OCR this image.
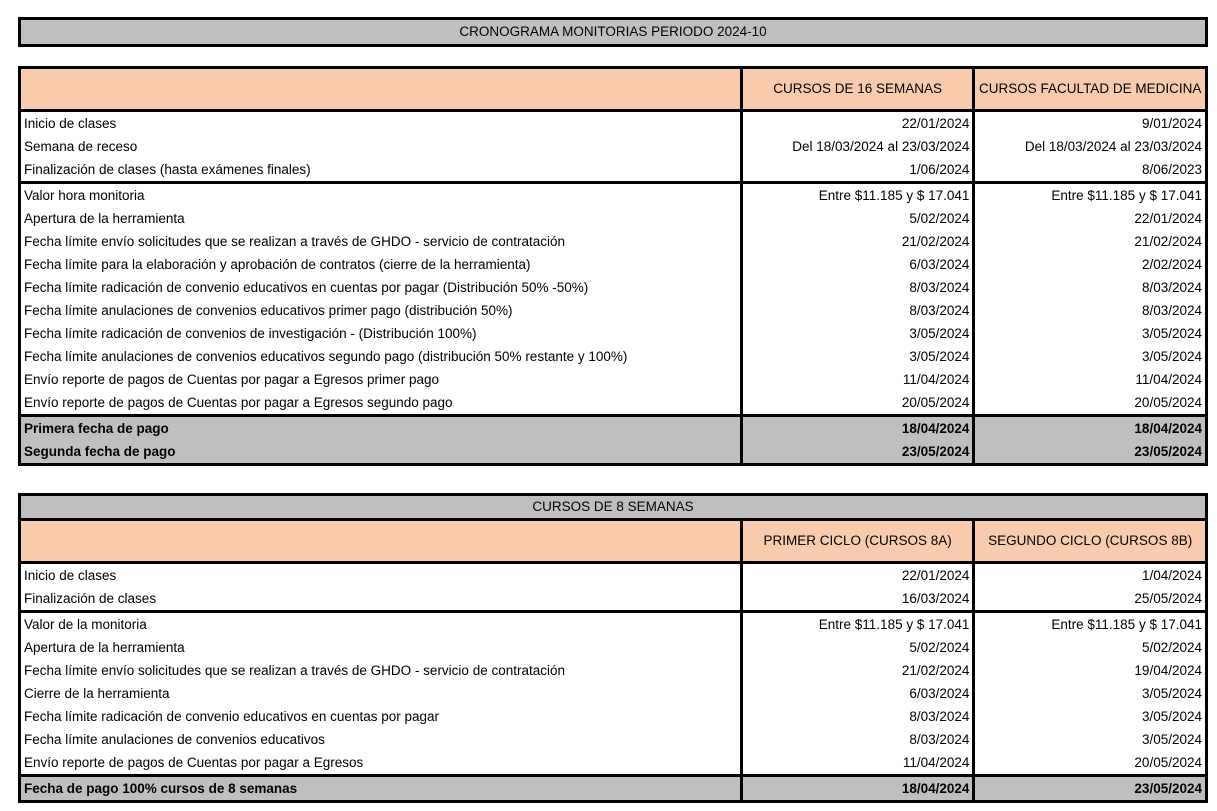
CRONOGRAMA MONITORIAS PERIODO 2024-10
	CURSOS DE 16 SEMANAS	CURSOS FACULTAD DE MEDICINA
Inicio de clases	22/01/2024	9/01/2024
Semana de receso	Del 18/03/2024 al 23/03/2024	Del 18/03/2024 al 23/03/2024
Finalización de clases (hasta exámenes finales)	1/06/2024	8/06/2023
Valor hora monitoria	Entre $11.185 y $ 17.041	Entre $11.185 y $ 17.041
Apertura de la herramienta	5/02/2024	22/01/2024
Fecha límite envío solicitudes que se realizan a través de GHDO - servicio de contratación	21/02/2024	21/02/2024
Fecha límite para la elaboración y aprobación de contratos (cierre de la herramienta)	6/03/2024	2/02/2024
Fecha límite radicación de convenio educativos en cuentas por pagar (Distribución 50% -50%)	8/03/2024	8/03/2024
Fecha límite anulaciones de convenios educativos primer pago (distribución 50%)	8/03/2024	8/03/2024
Fecha límite radicación de convenios de investigación - (Distribución 100%)	3/05/2024	3/05/2024
Fecha límite anulaciones de convenios educativos segundo pago (distribución 50% restante y 100%)	3/05/2024	3/05/2024
Envío reporte de pagos de Cuentas por pagar a Egresos primer pago	11/04/2024	11/04/2024
Envío reporte de pagos de Cuentas por pagar a Egresos segundo pago	20/05/2024	20/05/2024
Primera fecha de pago	18/04/2024	18/04/2024
Segunda fecha de pago	23/05/2024	23/05/2024
CURSOS DE 8 SEMANAS		
	PRIMER CICLO (CURSOS 8A)	SEGUNDO CICLO (CURSOS 8B)
Inicio de clases	22/01/2024	1/04/2024
Finalización de clases	16/03/2024	25/05/2024
Valor de la monitoria	Entre $11.185 y $ 17.041	Entre $11.185 y $ 17.041
Apertura de la herramienta	5/02/2024	5/02/2024
Fecha límite envío solicitudes que se realizan a través de GHDO - servicio de contratación	21/02/2024	19/04/2024
Cierre de la herramienta	6/03/2024	3/05/2024
Fecha límite radicación de convenio educativos en cuentas por pagar	8/03/2024	3/05/2024
Fecha límite anulaciones de convenios educativos	8/03/2024	3/05/2024
Envío reporte de pagos de Cuentas por pagar a Egresos	11/04/2024	20/05/2024
Fecha de pago 100% cursos de 8 semanas	18/04/2024	23/05/2024
